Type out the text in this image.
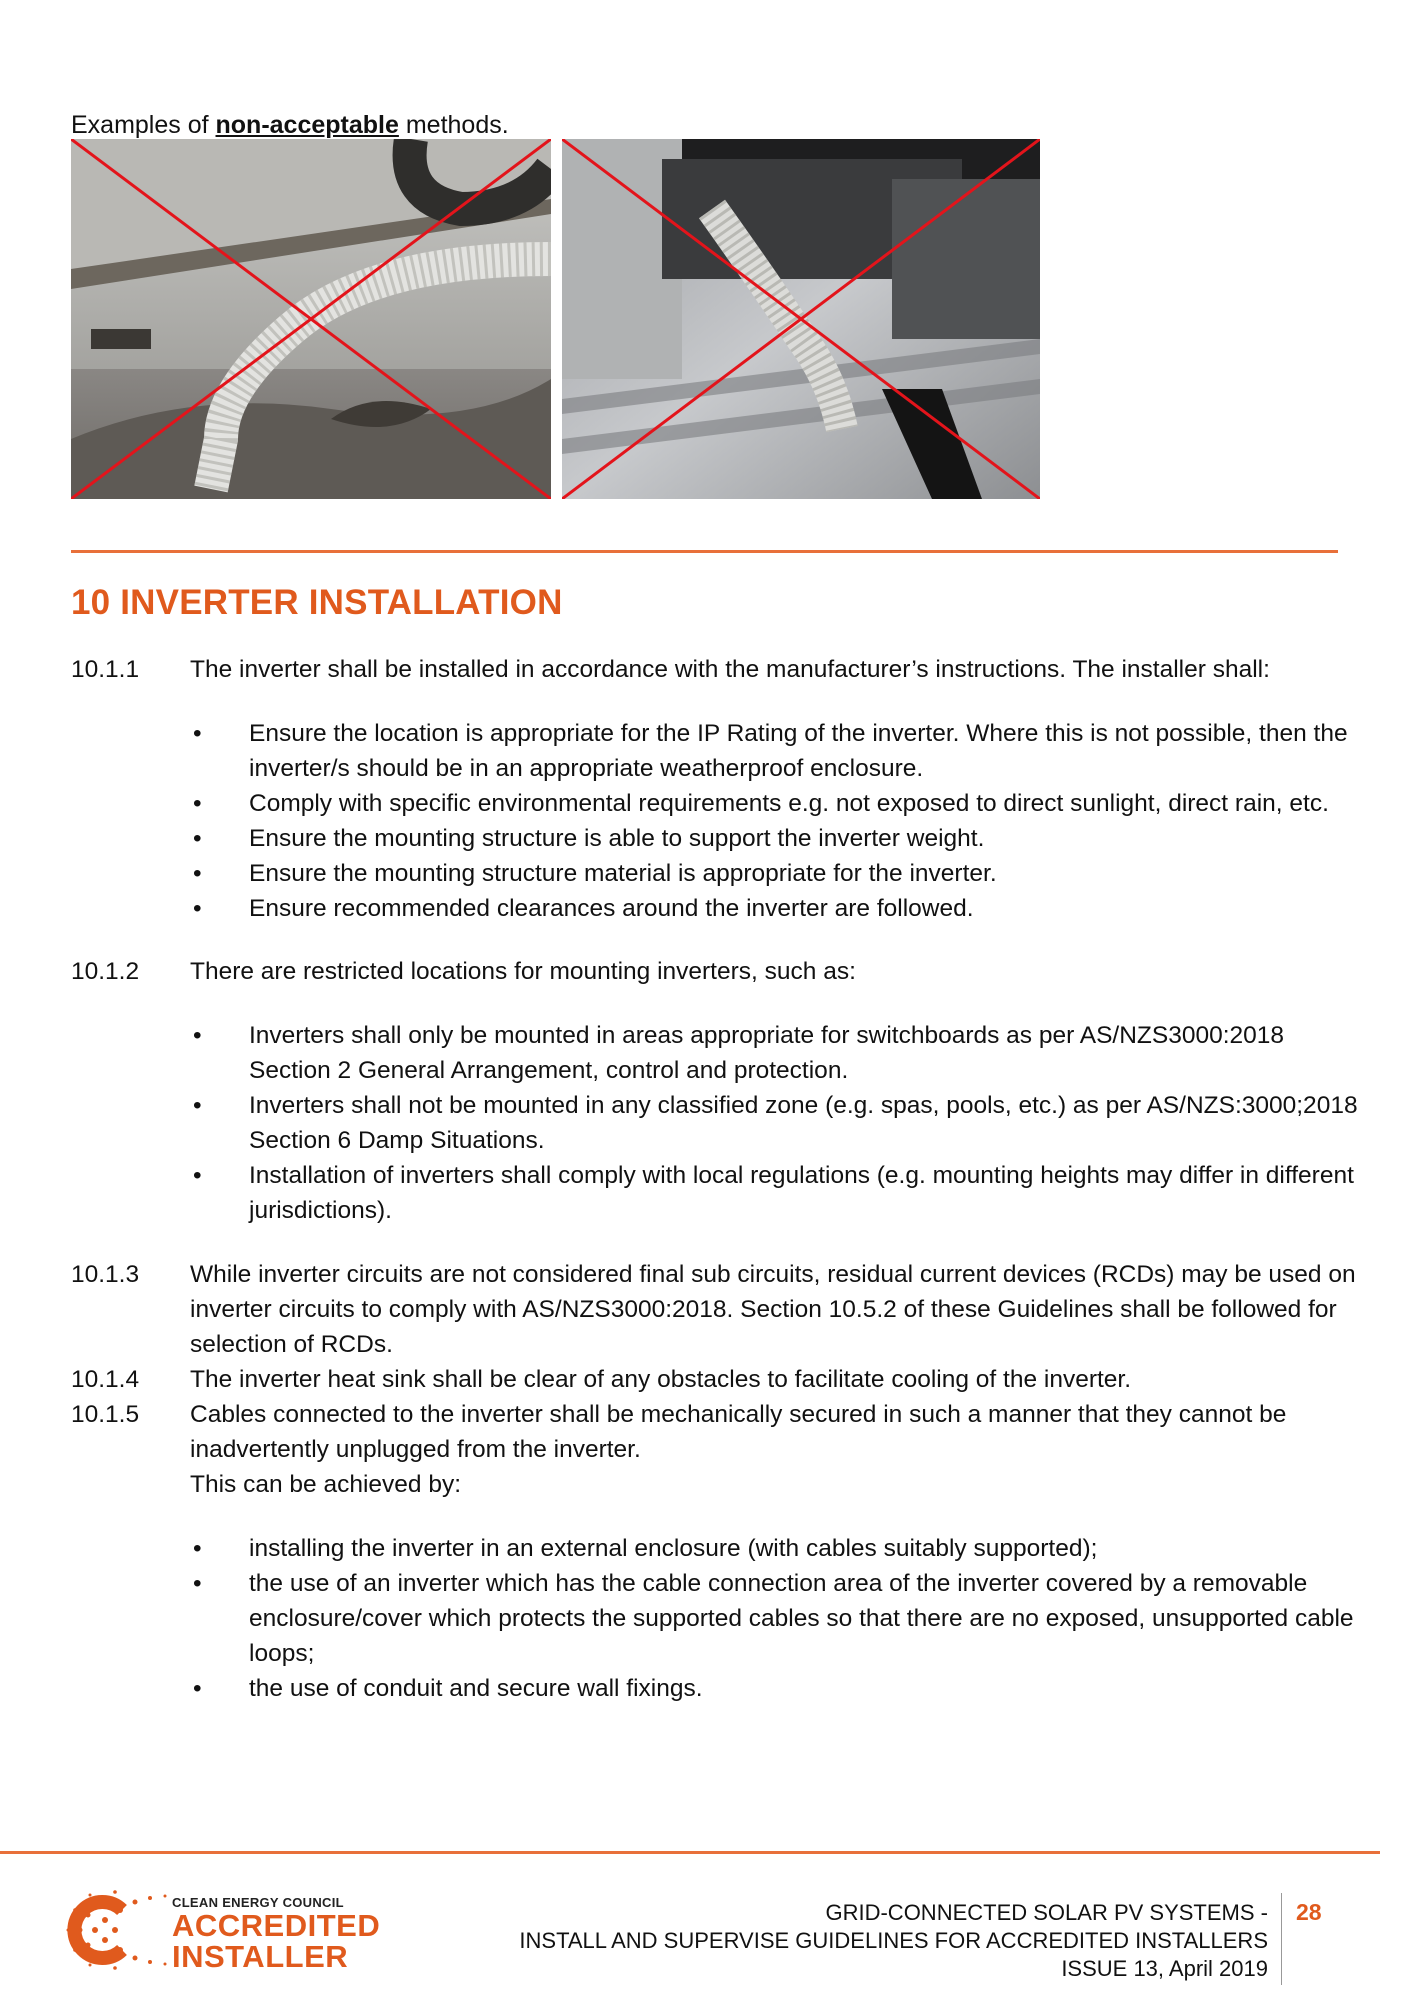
Examples of non-acceptable methods.
10 INVERTER INSTALLATION
10.1.1	The inverter shall be installed in accordance with the manufacturer’s instructions. The installer shall:
•	Ensure the location is appropriate for the IP Rating of the inverter. Where this is not possible, then the inverter/s should be in an appropriate weatherproof enclosure.
•	Comply with specific environmental requirements e.g. not exposed to direct sunlight, direct rain, etc.
•	Ensure the mounting structure is able to support the inverter weight.
•	Ensure the mounting structure material is appropriate for the inverter.
•	Ensure recommended clearances around the inverter are followed.
10.1.2	There are restricted locations for mounting inverters, such as:
•	Inverters shall only be mounted in areas appropriate for switchboards as per AS/NZS3000:2018 Section 2 General Arrangement, control and protection.
•	Inverters shall not be mounted in any classified zone (e.g. spas, pools, etc.) as per AS/NZS:3000;2018 Section 6 Damp Situations.
•	Installation of inverters shall comply with local regulations (e.g. mounting heights may differ in different jurisdictions).
10.1.3	While inverter circuits are not considered final sub circuits, residual current devices (RCDs) may be used on inverter circuits to comply with AS/NZS3000:2018. Section 10.5.2 of these Guidelines shall be followed for selection of RCDs.
10.1.4	The inverter heat sink shall be clear of any obstacles to facilitate cooling of the inverter.
10.1.5	Cables connected to the inverter shall be mechanically secured in such a manner that they cannot be inadvertently unplugged from the inverter.
This can be achieved by:
•	installing the inverter in an external enclosure (with cables suitably supported);
•	the use of an inverter which has the cable connection area of the inverter covered by a removable enclosure/cover which protects the supported cables so that there are no exposed, unsupported cable loops;
•	the use of conduit and secure wall fixings.
CLEAN ENERGY COUNCIL
ACCREDITED
INSTALLER
GRID-CONNECTED SOLAR PV SYSTEMS -
INSTALL AND SUPERVISE GUIDELINES FOR ACCREDITED INSTALLERS
ISSUE 13, April 2019
28
